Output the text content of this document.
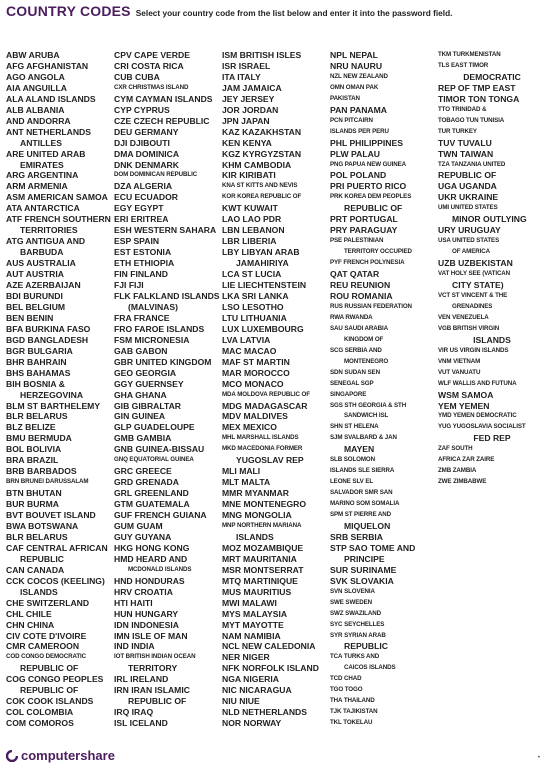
COUNTRY CODES Select your country code from the list below and enter it into the password field.
ABW ARUBA
AFG AFGHANISTAN
AGO ANGOLA
AIA ANGUILLA
ALA ALAND ISLANDS
ALB ALBANIA
AND ANDORRA
ANT NETHERLANDS
ANTILLES
ARE UNITED ARAB
EMIRATES
ARG ARGENTINA
ARM ARMENIA
ASM AMERICAN SAMOA
ATA ANTARCTICA
ATF FRENCH SOUTHERN
TERRITORIES
ATG ANTIGUA AND
BARBUDA
AUS AUSTRALIA
AUT AUSTRIA
AZE AZERBAIJAN
BDI BURUNDI
BEL BELGIUM
BEN BENIN
BFA BURKINA FASO
BGD BANGLADESH
BGR BULGARIA
BHR BAHRAIN
BHS BAHAMAS
BIH BOSNIA &
HERZEGOVINA
BLM ST BARTHELEMY
BLR BELARUS
BLZ BELIZE
BMU BERMUDA
BOL BOLIVIA
BRA BRAZIL
BRB BARBADOS
BRN BRUNEI DARUSSALAM
BTN BHUTAN
BUR BURMA
BVT BOUVET ISLAND
BWA BOTSWANA
BLR BELARUS
CAF CENTRAL AFRICAN
REPUBLIC
CAN CANADA
CCK COCOS (KEELING)
ISLANDS
CHE SWITZERLAND
CHL CHILE
CHN CHINA
CIV COTE D'IVOIRE
CMR CAMEROON
COD CONGO DEMOCRATIC
REPUBLIC OF
COG CONGO PEOPLES
REPUBLIC OF
COK COOK ISLANDS
COL COLOMBIA
COM COMOROS
CPV CAPE VERDE
CRI COSTA RICA
CUB CUBA
CXR CHRISTMAS ISLAND
CYM CAYMAN ISLANDS
CYP CYPRUS
CZE CZECH REPUBLIC
DEU GERMANY
DJI DJIBOUTI
DMA DOMINICA
DNK DENMARK
DOM DOMINICAN REPUBLIC
DZA ALGERIA
ECU ECUADOR
EGY EGYPT
ERI ERITREA
ESH WESTERN SAHARA
ESP SPAIN
EST ESTONIA
ETH ETHIOPIA
FIN FINLAND
FJI FIJI
FLK FALKLAND ISLANDS
(MALVINAS)
FRA FRANCE
FRO FAROE ISLANDS
FSM MICRONESIA
GAB GABON
GBR UNITED KINGDOM
GEO GEORGIA
GGY GUERNSEY
GHA GHANA
GIB GIBRALTAR
GIN GUINEA
GLP GUADELOUPE
GMB GAMBIA
GNB GUINEA-BISSAU
GNQ EQUATORIAL GUINEA
GRC GREECE
GRD GRENADA
GRL GREENLAND
GTM GUATEMALA
GUF FRENCH GUIANA
GUM GUAM
GUY GUYANA
HKG HONG KONG
HMD HEARD AND
MCDONALD ISLANDS
HND HONDURAS
HRV CROATIA
HTI HAITI
HUN HUNGARY
IDN INDONESIA
IMN ISLE OF MAN
IND INDIA
IOT BRITISH INDIAN OCEAN
TERRITORY
IRL IRELAND
IRN IRAN ISLAMIC
REPUBLIC OF
IRQ IRAQ
ISL ICELAND
ISM BRITISH ISLES
ISR ISRAEL
ITA ITALY
JAM JAMAICA
JEY JERSEY
JOR JORDAN
JPN JAPAN
KAZ KAZAKHSTAN
KEN KENYA
KGZ KYRGYZSTAN
KHM CAMBODIA
KIR KIRIBATI
KNA ST KITTS AND NEVIS
KOR KOREA REPUBLIC OF
KWT KUWAIT
LAO LAO PDR
LBN LEBANON
LBR LIBERIA
LBY LIBYAN ARAB
JAMAHIRIYA
LCA ST LUCIA
LIE LIECHTENSTEIN
LKA SRI LANKA
LSO LESOTHO
LTU LITHUANIA
LUX LUXEMBOURG
LVA LATVIA
MAC MACAO
MAF ST MARTIN
MAR MOROCCO
MCO MONACO
MDA MOLDOVA REPUBLIC OF
MDG MADAGASCAR
MDV MALDIVES
MEX MEXICO
MHL MARSHALL ISLANDS
MKD MACEDONIA FORMER
YUGOSLAV REP
MLI MALI
MLT MALTA
MMR MYANMAR
MNE MONTENEGRO
MNG MONGOLIA
MNP NORTHERN MARIANA
ISLANDS
MOZ MOZAMBIQUE
MRT MAURITANIA
MSR MONTSERRAT
MTQ MARTINIQUE
MUS MAURITIUS
MWI MALAWI
MYS MALAYSIA
MYT MAYOTTE
NAM NAMIBIA
NCL NEW CALEDONIA
NER NIGER
NFK NORFOLK ISLAND
NGA NIGERIA
NIC NICARAGUA
NIU NIUE
NLD NETHERLANDS
NOR NORWAY
NPL NEPAL
NRU NAURU
NZL NEW ZEALAND
OMN OMAN PAK
PAKISTAN
PAN PANAMA
PCN PITCAIRN
ISLANDS PER PERU
PHL PHILIPPINES
PLW PALAU
PNG PAPUA NEW GUINEA
POL POLAND
PRI PUERTO RICO
PRK KOREA DEM PEOPLES
REPUBLIC OF
PRT PORTUGAL
PRY PARAGUAY
PSE PALESTINIAN
TERRITORY OCCUPIED
PYF FRENCH POLYNESIA
QAT QATAR
REU REUNION
ROU ROMANIA
RUS RUSSIAN FEDERATION
RWA RWANDA
SAU SAUDI ARABIA
KINGDOM OF
SCG SERBIA AND
MONTENEGRO
SDN SUDAN SEN
SENEGAL SGP
SINGAPORE
SGS STH GEORGIA & STH
SANDWICH ISL
SHN ST HELENA
SJM SVALBARD & JAN
MAYEN
SLB SOLOMON
ISLANDS SLE SIERRA
LEONE SLV EL
SALVADOR SMR SAN
MARINO SOM SOMALIA
SPM ST PIERRE AND
MIQUELON
SRB SERBIA
STP SAO TOME AND
PRINCIPE
SUR SURINAME
SVK SLOVAKIA
SVN SLOVENIA
SWE SWEDEN
SWZ SWAZILAND
SYC SEYCHELLES
SYR SYRIAN ARAB
REPUBLIC
TCA TURKS AND
CAICOS ISLANDS
TCD CHAD
TGO TOGO
THA THAILAND
TJK TAJIKISTAN
TKL TOKELAU
TKM TURKMENISTAN
TLS EAST TIMOR
DEMOCRATIC
REP OF TMP EAST
TIMOR TON TONGA
TTO TRINIDAD &
TOBAGO TUN TUNISIA
TUR TURKEY
TUV TUVALU
TWN TAIWAN
TZA TANZANIA UNITED
REPUBLIC OF
UGA UGANDA
UKR UKRAINE
UMI UNITED STATES
MINOR OUTLYING
URY URUGUAY
USA UNITED STATES
OF AMERICA
UZB UZBEKISTAN
VAT HOLY SEE (VATICAN
CITY STATE)
VCT ST VINCENT & THE
GRENADINES
VEN VENEZUELA
VGB BRITISH VIRGIN
ISLANDS
VIR US VIRGIN ISLANDS
VNM VIETNAM
VUT VANUATU
WLF WALLIS AND FUTUNA
WSM SAMOA
YEM YEMEN
YMD YEMEN DEMOCRATIC
YUG YUGOSLAVIA SOCIALIST
FED REP
ZAF SOUTH
AFRICA ZAR ZAIRE
ZMB ZAMBIA
ZWE ZIMBABWE
computershare	•
